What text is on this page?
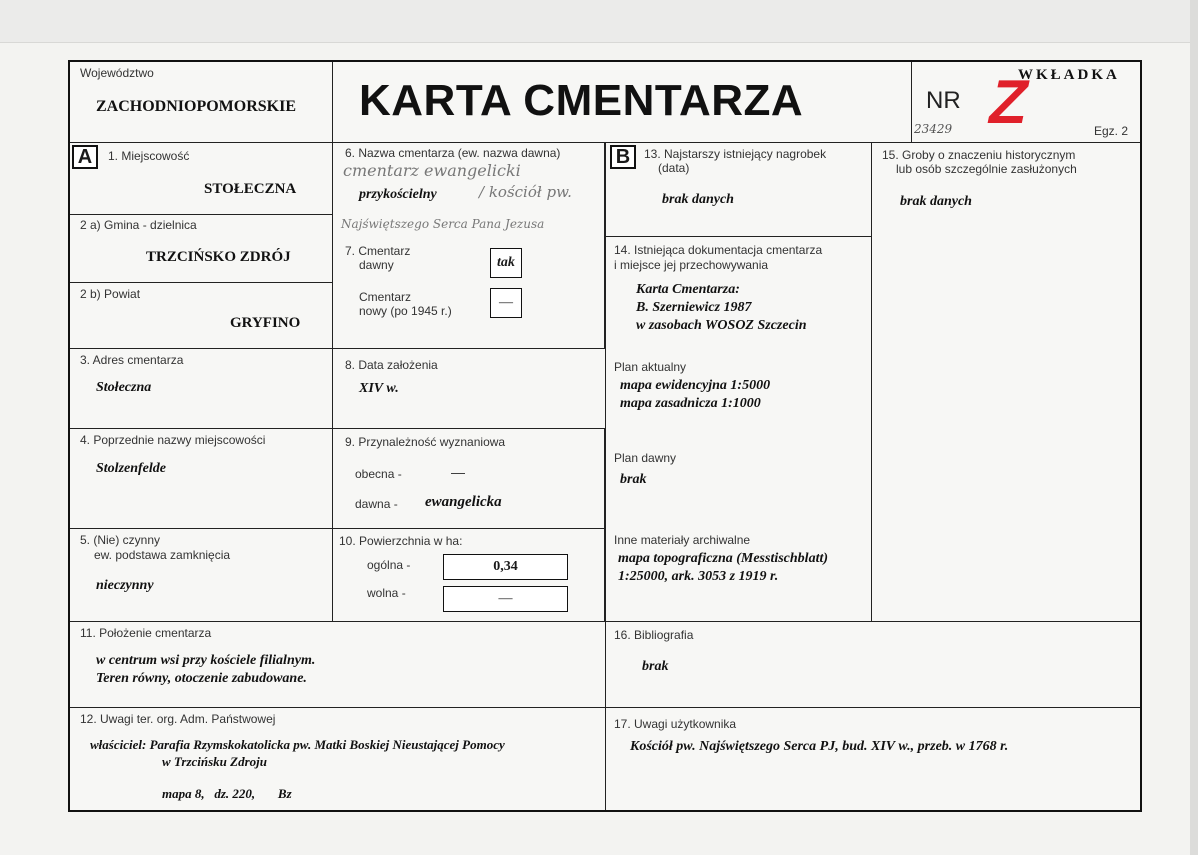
Województwo
ZACHODNIOPOMORSKIE KARTA CMENTARZA
WKŁADKA
NR
23429 Z	Egz. 2
A	1. Miejscowość
STOŁECZNA
2 a) Gmina - dzielnica
TRZCIŃSKO ZDRÓJ
2 b) Powiat
GRYFINO
3. Adres cmentarza
Stołeczna
4. Poprzednie nazwy miejscowości
Stolzenfelde
5. (Nie) czynny
ew. podstawa zamknięcia
nieczynny
6. Nazwa cmentarza (ew. nazwa dawna)
cmentarz ewangelicki
przykościelny	/ kościół pw.
Najświętszego Serca Pana Jezusa
7. Cmentarz
dawny	tak
Cmentarz
nowy (po 1945 r.)
—
8. Data założenia
XIV w.
9. Przynależność wyznaniowa
obecna -	—
dawna - ewangelicka
10. Powierzchnia w ha:
ogólna -	0,34
wolna -	—
B	13. Najstarszy istniejący nagrobek
(data)
brak danych
14. Istniejąca dokumentacja cmentarza
i miejsce jej przechowywania
Karta Cmentarza:
B. Szerniewicz 1987
w zasobach WOSOZ Szczecin
Plan aktualny
mapa ewidencyjna 1:5000
mapa zasadnicza 1:1000
Plan dawny
brak
Inne materiały archiwalne
mapa topograficzna (Messtischblatt)
1:25000, ark. 3053 z 1919 r.
15. Groby o znaczeniu historycznym
lub osób szczególnie zasłużonych
brak danych
11. Położenie cmentarza
w centrum wsi przy kościele filialnym.
Teren równy, otoczenie zabudowane.
16. Bibliografia
brak
12. Uwagi ter. org. Adm. Państwowej
właściciel: Parafia Rzymskokatolicka pw. Matki Boskiej Nieustającej Pomocy
w Trzcińsku Zdroju
mapa 8,   dz. 220,       Bz
17. Uwagi użytkownika
Kościół pw. Najświętszego Serca PJ, bud. XIV w., przeb. w 1768 r.
